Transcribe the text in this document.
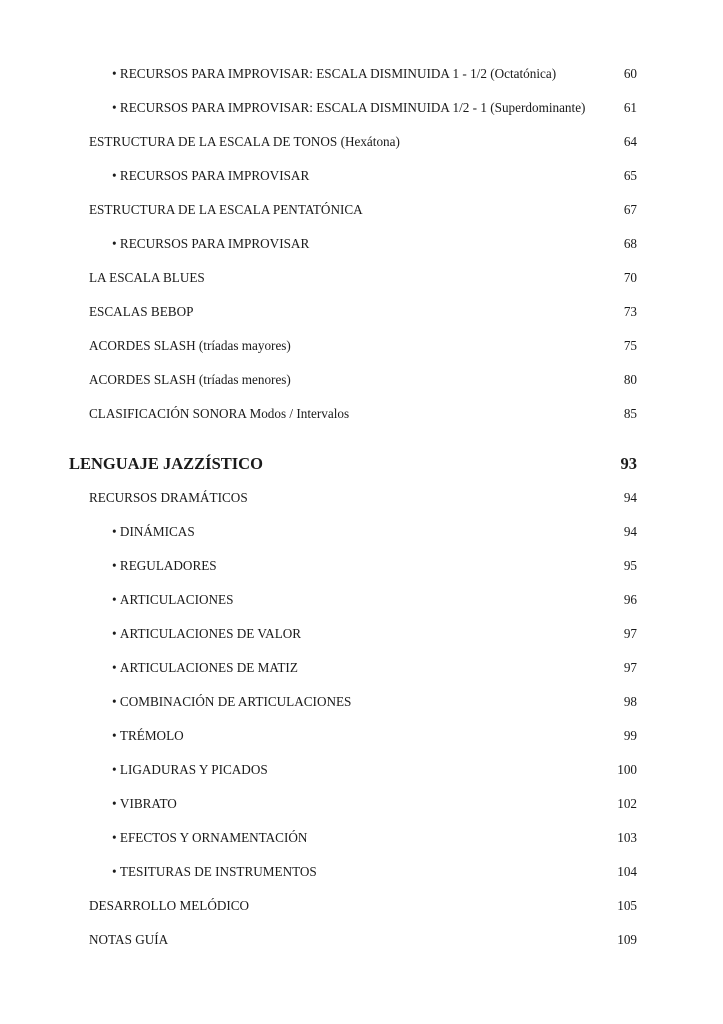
• RECURSOS PARA IMPROVISAR: ESCALA DISMINUIDA 1 - 1/2 (Octatónica)	60
• RECURSOS PARA IMPROVISAR: ESCALA DISMINUIDA 1/2 - 1 (Superdominante)	61
ESTRUCTURA DE LA ESCALA DE TONOS (Hexátona)	64
• RECURSOS PARA IMPROVISAR	65
ESTRUCTURA DE LA ESCALA PENTATÓNICA	67
• RECURSOS PARA IMPROVISAR	68
LA ESCALA BLUES	70
ESCALAS BEBOP	73
ACORDES SLASH (tríadas mayores)	75
ACORDES SLASH (tríadas menores)	80
CLASIFICACIÓN SONORA Modos / Intervalos	85
LENGUAJE JAZZÍSTICO	93
RECURSOS DRAMÁTICOS	94
• DINÁMICAS	94
• REGULADORES	95
• ARTICULACIONES	96
• ARTICULACIONES DE VALOR	97
• ARTICULACIONES DE MATIZ	97
• COMBINACIÓN DE ARTICULACIONES	98
• TRÉMOLO	99
• LIGADURAS Y PICADOS	100
• VIBRATO	102
• EFECTOS Y ORNAMENTACIÓN	103
• TESITURAS DE INSTRUMENTOS	104
DESARROLLO MELÓDICO	105
NOTAS GUÍA	109
